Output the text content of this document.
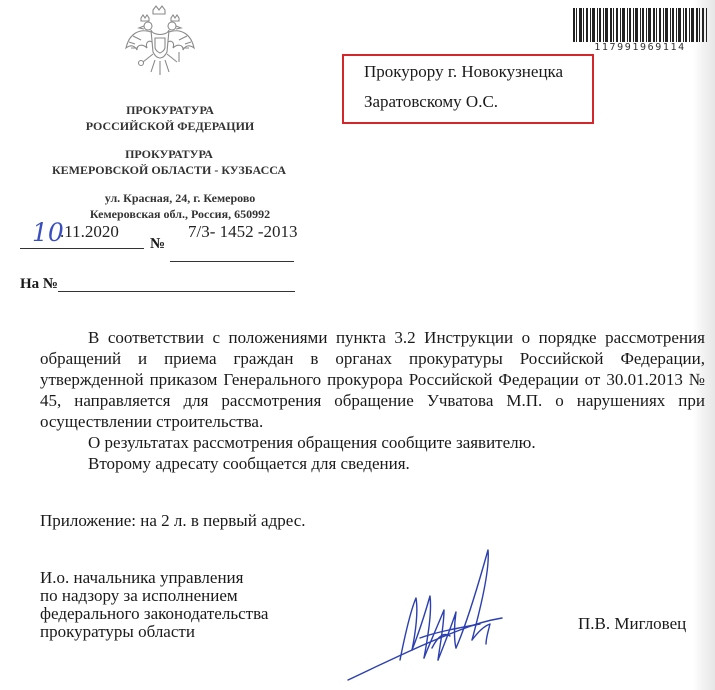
117991969114
ПРОКУРАТУРА
РОССИЙСКОЙ ФЕДЕРАЦИИ
ПРОКУРАТУРА
КЕМЕРОВСКОЙ ОБЛАСТИ - КУЗБАССА
ул. Красная, 24, г. Кемерово
Кемеровская обл., Россия, 650992
10
.11.2020
№
7/3- 1452 -2013
На №
Прокурору г. Новокузнецка
Зaратовскому О.С.

В соответствии с положениями пункта 3.2 Инструкции о порядке рассмотрения обращений и приема граждан в органах прокуратуры Российской Федерации, утвержденной приказом Генерального прокурора Российской Федерации от 30.01.2013 № 45, направляется для рассмотрения обращение Учватова М.П. о нарушениях при осуществлении строительства.

О результатах рассмотрения обращения сообщите заявителю.

Второму адресату сообщается для сведения.

Приложение: на 2 л. в первый адрес.
И.о. начальника управления
по надзору за исполнением
федерального законодательства
прокуратуры области	П.В. Мигловец
